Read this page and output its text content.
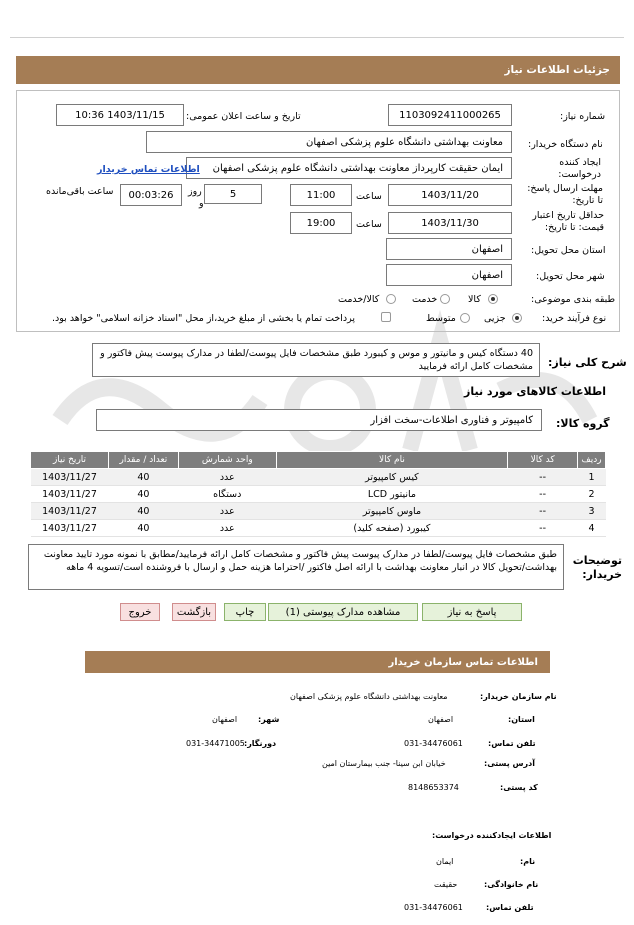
جزئیات اطلاعات نیاز
شماره نیاز:
1103092411000265
تاریخ و ساعت اعلان عمومی:
1403/11/15 10:36
نام دستگاه خریدار:
معاونت بهداشتی دانشگاه علوم پزشکی اصفهان
ایجاد کننده درخواست:
ایمان حقیقت کارپرداز معاونت بهداشتی دانشگاه علوم پزشکی اصفهان
اطلاعات تماس خریدار
مهلت ارسال پاسخ: تا تاریخ:
1403/11/20
ساعت
11:00
5
روز
و
00:03:26
ساعت باقی‌مانده
حداقل تاریخ اعتبار قیمت: تا تاریخ:
1403/11/30
ساعت
19:00
استان محل تحویل:
اصفهان
شهر محل تحویل:
اصفهان
طبقه بندی موضوعی:
کالا
خدمت
کالا/خدمت
نوع فرآیند خرید:
جزیی
متوسط
پرداخت تمام یا بخشی از مبلغ خرید،از محل "اسناد خزانه اسلامی" خواهد بود.
شرح کلی نیاز:
40 دستگاه کیس و مانیتور و موس و کیبورد طبق مشخصات فایل پیوست/لطفا در مدارک پیوست پیش فاکتور و مشخصات کامل ارائه فرمایید
اطلاعات کالاهای مورد نیاز
گروه کالا:
کامپیوتر و فناوری اطلاعات-سخت افزار
ردیف	کد کالا	نام کالا	واحد شمارش	تعداد / مقدار	تاریخ نیاز
1	--	کیس کامپیوتر	عدد	40	1403/11/27
2	--	مانیتور LCD	دستگاه	40	1403/11/27
3	--	ماوس کامپیوتر	عدد	40	1403/11/27
4	--	کیبورد (صفحه کلید)	عدد	40	1403/11/27
توضیحات خریدار:
طبق مشخصات فایل پیوست/لطفا در مدارک پیوست پیش فاکتور و مشخصات کامل ارائه فرمایید/مطابق با نمونه مورد تایید معاونت بهداشت/تحویل کالا در انبار معاونت بهداشت با ارائه اصل فاکتور /احتراما هزینه حمل و ارسال با فروشنده است/تسویه 4 ماهه
پاسخ به نیاز
مشاهده مدارک پیوستی (1)
چاپ
بازگشت
خروج
اطلاعات تماس سازمان خریدار
نام سازمان خریدار:
معاونت بهداشتی دانشگاه علوم پزشکی اصفهان
استان:
اصفهان
شهر:
اصفهان
تلفن تماس:
031-34476061
دورنگار:
031-34471005
آدرس پستی:
خیابان ابن سینا- جنب بیمارستان امین
کد پستی:
8148653374
اطلاعات ایجادکننده درخواست:
نام:
ایمان
نام خانوادگی:
حقیقت
تلفن تماس:
031-34476061
